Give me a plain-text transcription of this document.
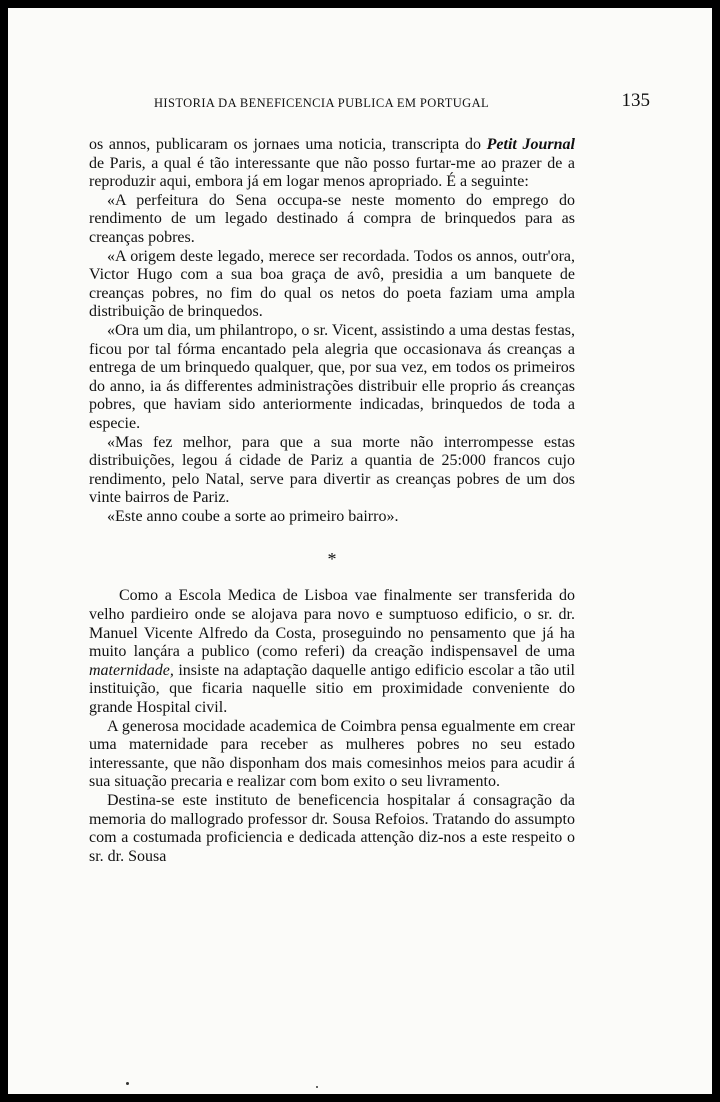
HISTORIA DA BENEFICENCIA PUBLICA EM PORTUGAL	135

os annos, publicaram os jornaes uma noticia, transcripta do Petit Journal de Paris, a qual é tão interessante que não posso furtar-me ao prazer de a reproduzir aqui, embora já em logar menos apropriado. É a seguinte:

«A perfeitura do Sena occupa-se neste momento do emprego do rendimento de um legado destinado á compra de brinquedos para as creanças pobres.

«A origem deste legado, merece ser recordada. Todos os annos, outr'ora, Victor Hugo com a sua boa graça de avô, presidia a um banquete de creanças pobres, no fim do qual os netos do poeta faziam uma ampla distribuição de brinquedos.

«Ora um dia, um philantropo, o sr. Vicent, assistindo a uma destas festas, ficou por tal fórma encantado pela alegria que occasionava ás creanças a entrega de um brinquedo qualquer, que, por sua vez, em todos os primeiros do anno, ia ás differentes administrações distribuir elle proprio ás creanças pobres, que haviam sido anteriormente indicadas, brinquedos de toda a especie.

«Mas fez melhor, para que a sua morte não interrompesse estas distribuições, legou á cidade de Pariz a quantia de 25:000 francos cujo rendimento, pelo Natal, serve para divertir as creanças pobres de um dos vinte bairros de Pariz.

«Este anno coube a sorte ao primeiro bairro».

*

Como a Escola Medica de Lisboa vae finalmente ser transferida do velho pardieiro onde se alojava para novo e sumptuoso edificio, o sr. dr. Manuel Vicente Alfredo da Costa, proseguindo no pensamento que já ha muito lançára a publico (como referi) da creação indispensavel de uma maternidade, insiste na adaptação daquelle antigo edificio escolar a tão util instituição, que ficaria naquelle sitio em proximidade conveniente do grande Hospital civil.

A generosa mocidade academica de Coimbra pensa egualmente em crear uma maternidade para receber as mulheres pobres no seu estado interessante, que não disponham dos mais comesinhos meios para acudir á sua situação precaria e realizar com bom exito o seu livramento.

Destina-se este instituto de beneficencia hospitalar á consagração da memoria do mallogrado professor dr. Sousa Refoios. Tratando do assumpto com a costumada proficiencia e dedicada attenção diz-nos a este respeito o sr. dr. Sousa
